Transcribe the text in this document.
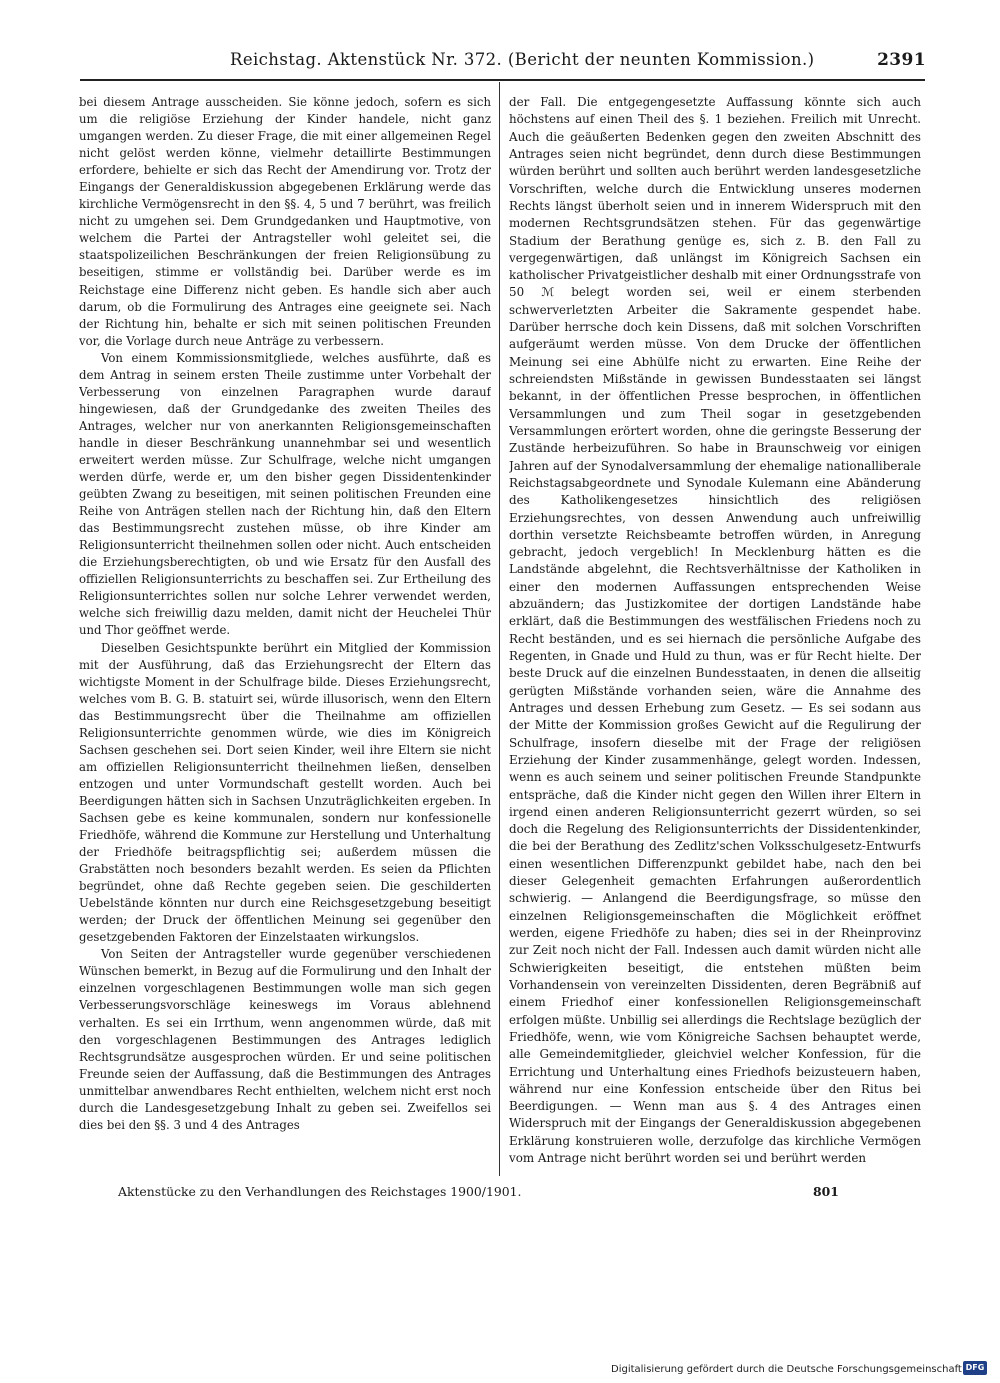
Reichstag. Aktenstück Nr. 372. (Bericht der neunten Kommission.)	2391

bei diesem Antrage ausscheiden. Sie könne jedoch, sofern es sich um die religiöse Erziehung der Kinder handele, nicht ganz umgangen werden. Zu dieser Frage, die mit einer allgemeinen Regel nicht gelöst werden könne, vielmehr detaillirte Bestimmungen erfordere, behielte er sich das Recht der Amendirung vor. Trotz der Eingangs der Generaldiskussion abgegebenen Erklärung werde das kirchliche Vermögensrecht in den §§. 4, 5 und 7 berührt, was freilich nicht zu umgehen sei. Dem Grundgedanken und Hauptmotive, von welchem die Partei der Antragsteller wohl geleitet sei, die staatspolizeilichen Beschränkungen der freien Religionsübung zu beseitigen, stimme er vollständig bei. Darüber werde es im Reichstage eine Differenz nicht geben. Es handle sich aber auch darum, ob die Formulirung des Antrages eine geeignete sei. Nach der Richtung hin, behalte er sich mit seinen politischen Freunden vor, die Vorlage durch neue Anträge zu verbessern.

Von einem Kommissionsmitgliede, welches ausführte, daß es dem Antrag in seinem ersten Theile zustimme unter Vorbehalt der Verbesserung von einzelnen Paragraphen wurde darauf hingewiesen, daß der Grundgedanke des zweiten Theiles des Antrages, welcher nur von anerkannten Religionsgemeinschaften handle in dieser Beschränkung unannehmbar sei und wesentlich erweitert werden müsse. Zur Schulfrage, welche nicht umgangen werden dürfe, werde er, um den bisher gegen Dissidentenkinder geübten Zwang zu beseitigen, mit seinen politischen Freunden eine Reihe von Anträgen stellen nach der Richtung hin, daß den Eltern das Bestimmungsrecht zustehen müsse, ob ihre Kinder am Religionsunterricht theilnehmen sollen oder nicht. Auch entscheiden die Erziehungsberechtigten, ob und wie Ersatz für den Ausfall des offiziellen Religionsunterrichts zu beschaffen sei. Zur Ertheilung des Religionsunterrichtes sollen nur solche Lehrer verwendet werden, welche sich freiwillig dazu melden, damit nicht der Heuchelei Thür und Thor geöffnet werde.

Dieselben Gesichtspunkte berührt ein Mitglied der Kommission mit der Ausführung, daß das Erziehungsrecht der Eltern das wichtigste Moment in der Schulfrage bilde. Dieses Erziehungsrecht, welches vom B. G. B. statuirt sei, würde illusorisch, wenn den Eltern das Bestimmungsrecht über die Theilnahme am offiziellen Religionsunterrichte genommen würde, wie dies im Königreich Sachsen geschehen sei. Dort seien Kinder, weil ihre Eltern sie nicht am offiziellen Religionsunterricht theilnehmen ließen, denselben entzogen und unter Vormundschaft gestellt worden. Auch bei Beerdigungen hätten sich in Sachsen Unzuträglichkeiten ergeben. In Sachsen gebe es keine kommunalen, sondern nur konfessionelle Friedhöfe, während die Kommune zur Herstellung und Unterhaltung der Friedhöfe beitragspflichtig sei; außerdem müssen die Grabstätten noch besonders bezahlt werden. Es seien da Pflichten begründet, ohne daß Rechte gegeben seien. Die geschilderten Uebelstände könnten nur durch eine Reichsgesetzgebung beseitigt werden; der Druck der öffentlichen Meinung sei gegenüber den gesetzgebenden Faktoren der Einzelstaaten wirkungslos.

Von Seiten der Antragsteller wurde gegenüber verschiedenen Wünschen bemerkt, in Bezug auf die Formulirung und den Inhalt der einzelnen vorgeschlagenen Bestimmungen wolle man sich gegen Verbesserungsvorschläge keineswegs im Voraus ablehnend verhalten. Es sei ein Irrthum, wenn angenommen würde, daß mit den vorgeschlagenen Bestimmungen des Antrages lediglich Rechtsgrundsätze ausgesprochen würden. Er und seine politischen Freunde seien der Auffassung, daß die Bestimmungen des Antrages unmittelbar anwendbares Recht enthielten, welchem nicht erst noch durch die Landesgesetzgebung Inhalt zu geben sei. Zweifellos sei dies bei den §§. 3 und 4 des Antrages

der Fall. Die entgegengesetzte Auffassung könnte sich auch höchstens auf einen Theil des §. 1 beziehen. Freilich mit Unrecht. Auch die geäußerten Bedenken gegen den zweiten Abschnitt des Antrages seien nicht begründet, denn durch diese Bestimmungen würden berührt und sollten auch berührt werden landesgesetzliche Vorschriften, welche durch die Entwicklung unseres modernen Rechts längst überholt seien und in innerem Widerspruch mit den modernen Rechtsgrundsätzen stehen. Für das gegenwärtige Stadium der Berathung genüge es, sich z. B. den Fall zu vergegenwärtigen, daß unlängst im Königreich Sachsen ein katholischer Privatgeistlicher deshalb mit einer Ordnungsstrafe von 50 ℳ belegt worden sei, weil er einem sterbenden schwerverletzten Arbeiter die Sakramente gespendet habe. Darüber herrsche doch kein Dissens, daß mit solchen Vorschriften aufgeräumt werden müsse. Von dem Drucke der öffentlichen Meinung sei eine Abhülfe nicht zu erwarten. Eine Reihe der schreiendsten Mißstände in gewissen Bundesstaaten sei längst bekannt, in der öffentlichen Presse besprochen, in öffentlichen Versammlungen und zum Theil sogar in gesetzgebenden Versammlungen erörtert worden, ohne die geringste Besserung der Zustände herbeizuführen. So habe in Braunschweig vor einigen Jahren auf der Synodalversammlung der ehemalige nationalliberale Reichstagsabgeordnete und Synodale Kulemann eine Abänderung des Katholikengesetzes hinsichtlich des religiösen Erziehungsrechtes, von dessen Anwendung auch unfreiwillig dorthin versetzte Reichsbeamte betroffen würden, in Anregung gebracht, jedoch vergeblich! In Mecklenburg hätten es die Landstände abgelehnt, die Rechtsverhältnisse der Katholiken in einer den modernen Auffassungen entsprechenden Weise abzuändern; das Justizkomitee der dortigen Landstände habe erklärt, daß die Bestimmungen des westfälischen Friedens noch zu Recht beständen, und es sei hiernach die persönliche Aufgabe des Regenten, in Gnade und Huld zu thun, was er für Recht hielte. Der beste Druck auf die einzelnen Bundesstaaten, in denen die allseitig gerügten Mißstände vorhanden seien, wäre die Annahme des Antrages und dessen Erhebung zum Gesetz. — Es sei sodann aus der Mitte der Kommission großes Gewicht auf die Regulirung der Schulfrage, insofern dieselbe mit der Frage der religiösen Erziehung der Kinder zusammenhänge, gelegt worden. Indessen, wenn es auch seinem und seiner politischen Freunde Standpunkte entspräche, daß die Kinder nicht gegen den Willen ihrer Eltern in irgend einen anderen Religionsunterricht gezerrt würden, so sei doch die Regelung des Religionsunterrichts der Dissidentenkinder, die bei der Berathung des Zedlitz'schen Volksschulgesetz-Entwurfs einen wesentlichen Differenzpunkt gebildet habe, nach den bei dieser Gelegenheit gemachten Erfahrungen außerordentlich schwierig. — Anlangend die Beerdigungsfrage, so müsse den einzelnen Religionsgemeinschaften die Möglichkeit eröffnet werden, eigene Friedhöfe zu haben; dies sei in der Rheinprovinz zur Zeit noch nicht der Fall. Indessen auch damit würden nicht alle Schwierigkeiten beseitigt, die entstehen müßten beim Vorhandensein von vereinzelten Dissidenten, deren Begräbniß auf einem Friedhof einer konfessionellen Religionsgemeinschaft erfolgen müßte. Unbillig sei allerdings die Rechtslage bezüglich der Friedhöfe, wenn, wie vom Königreiche Sachsen behauptet werde, alle Gemeindemitglieder, gleichviel welcher Konfession, für die Errichtung und Unterhaltung eines Friedhofs beizusteuern haben, während nur eine Konfession entscheide über den Ritus bei Beerdigungen. — Wenn man aus §. 4 des Antrages einen Widerspruch mit der Eingangs der Generaldiskussion abgegebenen Erklärung konstruieren wolle, derzufolge das kirchliche Vermögen vom Antrage nicht berührt worden sei und berührt werden

Aktenstücke zu den Verhandlungen des Reichstages 1900/1901.	801
Digitalisierung gefördert durch die Deutsche Forschungsgemeinschaft DFG
